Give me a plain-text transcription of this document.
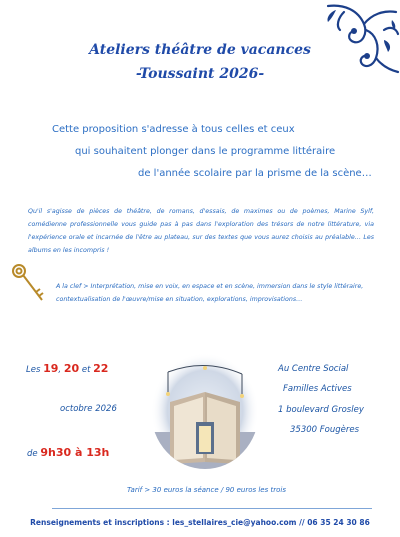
Ateliers théâtre de vacances
-Toussaint 2026-
Cette proposition s'adresse à tous celles et ceux
qui souhaitent plonger dans le programme littéraire
de l'année scolaire par la prisme de la scène…
Qu'il s'agisse de pièces de théâtre, de romans, d'essais, de maximes ou de poèmes, Marine Sylf, comédienne professionnelle vous guide pas à pas dans l'exploration des trésors de notre littérature, via l'expérience orale et incarnée de l'être au plateau, sur des textes que vous aurez choisis au préalable… Les albums en les incompris !
A la clef > Interprétation, mise en voix, en espace et en scène, immersion dans le style littéraire, contextualisation de l'œuvre/mise en situation, explorations, improvisations…
Les 19, 20 et 22
octobre 2026
de 9h30 à 13h
Au Centre Social
Familles Actives
1 boulevard Grosley
35300 Fougères
Tarif > 30 euros la séance / 90 euros les trois
Renseignements et inscriptions : les_stellaires_cie@yahoo.com // 06 35 24 30 86
